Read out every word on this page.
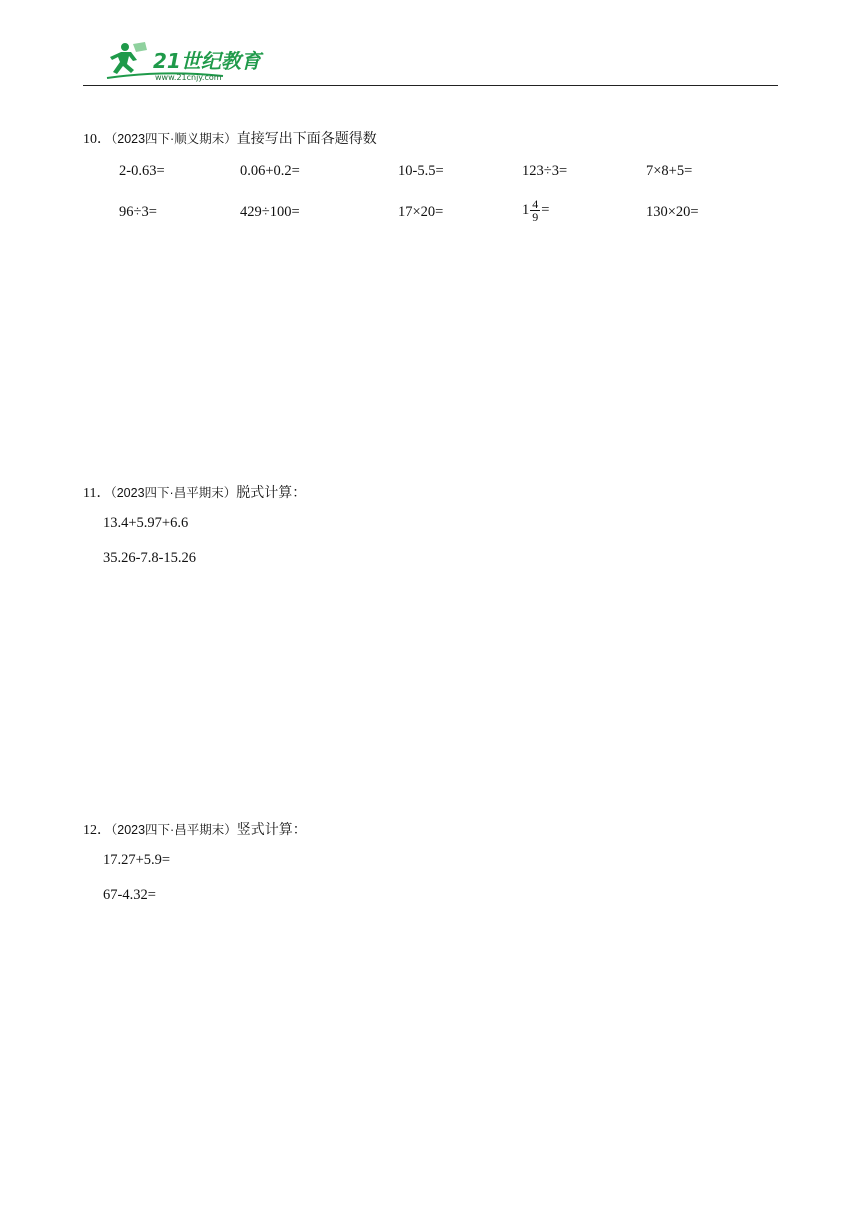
21世纪教育
www.21cnjy.com
10．（2023四下·顺义期末）直接写出下面各题得数
2-0.63=	0.06+0.2=	10-5.5=	123÷3=	7×8+5=
96÷3=	429÷100=	17×20=	$1 \frac{4}{9}$ =	130×20=
11．（2023四下·昌平期末）脱式计算：
13.4+5.97+6.6
35.26-7.8-15.26
12．（2023四下·昌平期末）竖式计算：
17.27+5.9=
67-4.32=
